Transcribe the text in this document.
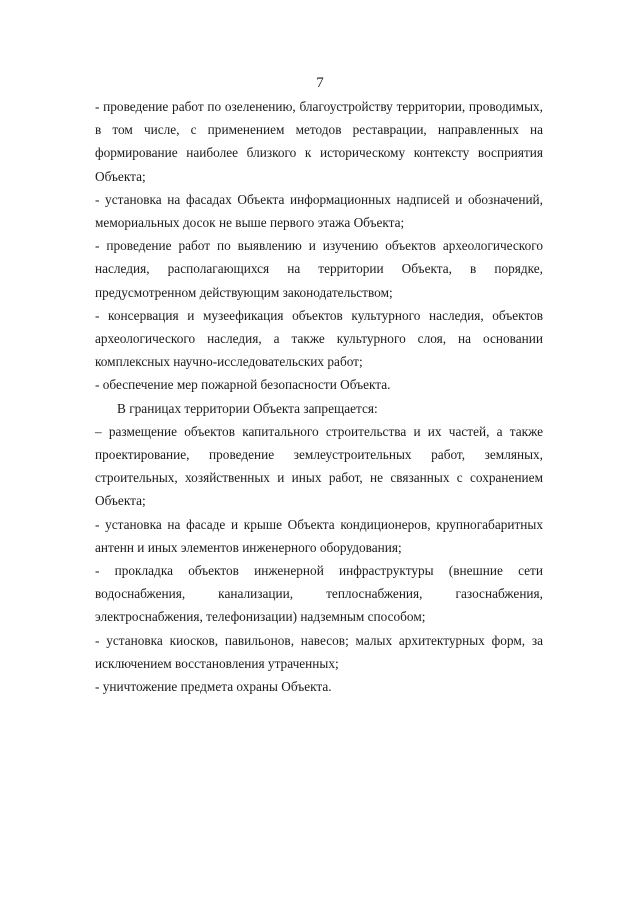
7

- проведение работ по озеленению, благоустройству территории, проводимых, в том числе, с применением методов реставрации, направленных на формирование наиболее близкого к историческому контексту восприятия Объекта;

- установка на фасадах Объекта информационных надписей и обозначений, мемориальных досок не выше первого этажа Объекта;

- проведение работ по выявлению и изучению объектов археологического наследия, располагающихся на территории Объекта, в порядке, предусмотренном действующим законодательством;

- консервация и музеефикация объектов культурного наследия, объектов археологического наследия, а также культурного слоя, на основании комплексных научно-исследовательских работ;

- обеспечение мер пожарной безопасности Объекта.

В границах территории Объекта запрещается:

– размещение объектов капитального строительства и их частей, а также проектирование, проведение землеустроительных работ, земляных, строительных, хозяйственных и иных работ, не связанных с сохранением Объекта;

- установка на фасаде и крыше Объекта кондиционеров, крупногабаритных антенн и иных элементов инженерного оборудования;

- прокладка объектов инженерной инфраструктуры (внешние сети водоснабжения, канализации, теплоснабжения, газоснабжения, электроснабжения, телефонизации) надземным способом;

- установка киосков, павильонов, навесов; малых архитектурных форм, за исключением восстановления утраченных;

- уничтожение предмета охраны Объекта.
